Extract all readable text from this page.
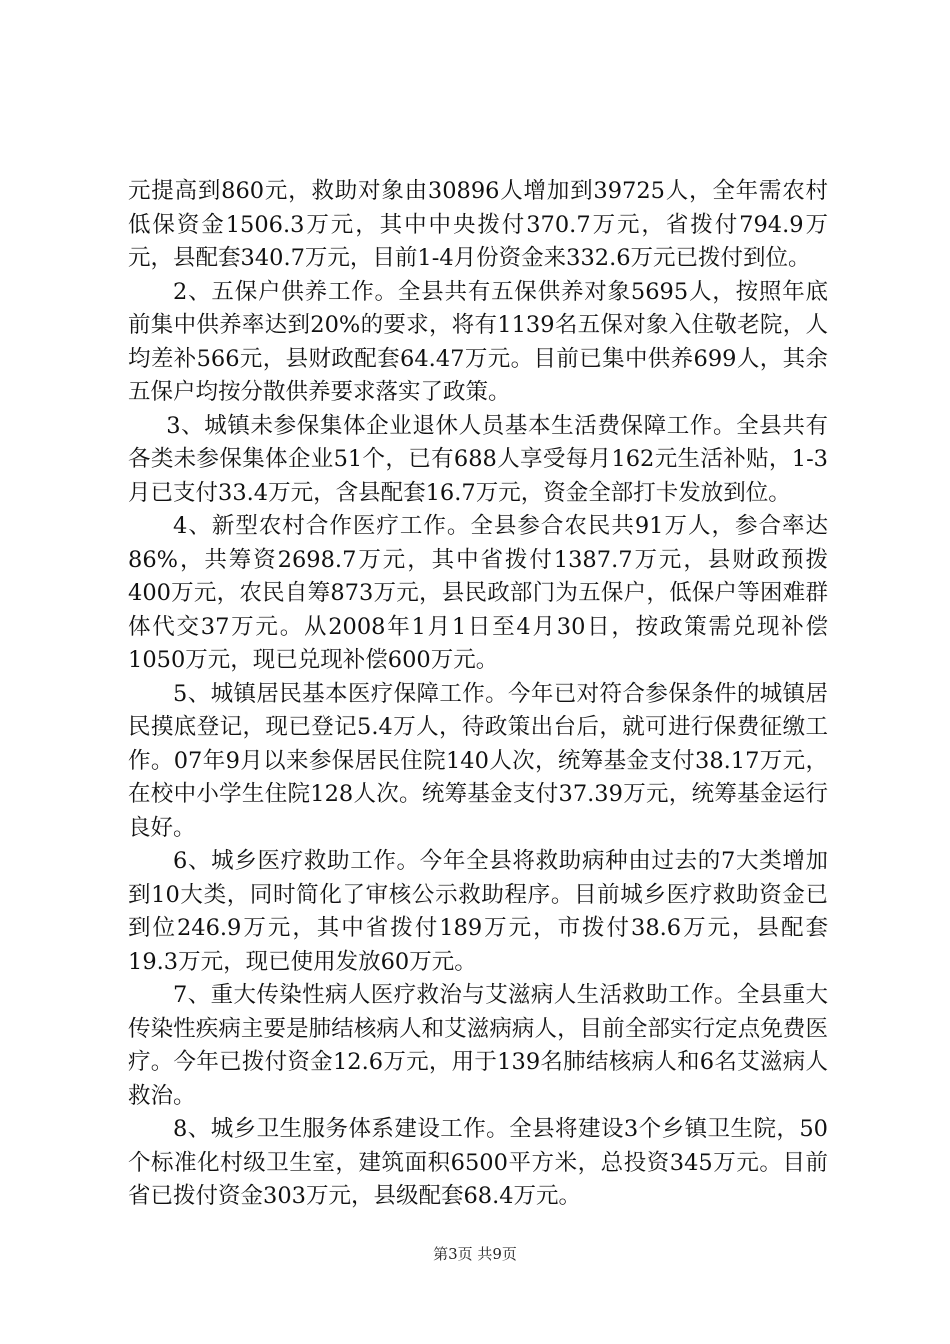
元提高到860元，救助对象由30896人增加到39725人，全年需农村低保资金1506.3万元，其中中央拨付370.7万元，省拨付794.9万元，县配套340.7万元，目前1-4月份资金来332.6万元已拨付到位。

2、五保户供养工作。全县共有五保供养对象5695人，按照年底前集中供养率达到20%的要求，将有1139名五保对象入住敬老院，人均差补566元，县财政配套64.47万元。目前已集中供养699人，其余五保户均按分散供养要求落实了政策。

3、城镇未参保集体企业退休人员基本生活费保障工作。全县共有各类未参保集体企业51个，已有688人享受每月162元生活补贴，1-3月已支付33.4万元，含县配套16.7万元，资金全部打卡发放到位。

4、新型农村合作医疗工作。全县参合农民共91万人，参合率达86%，共筹资2698.7万元，其中省拨付1387.7万元，县财政预拨400万元，农民自筹873万元，县民政部门为五保户，低保户等困难群体代交37万元。从2008年1月1日至4月30日，按政策需兑现补偿1050万元，现已兑现补偿600万元。

5、城镇居民基本医疗保障工作。今年已对符合参保条件的城镇居民摸底登记，现已登记5.4万人，待政策出台后，就可进行保费征缴工作。07年9月以来参保居民住院140人次，统筹基金支付38.17万元，在校中小学生住院128人次。统筹基金支付37.39万元，统筹基金运行良好。

6、城乡医疗救助工作。今年全县将救助病种由过去的7大类增加到10大类，同时简化了审核公示救助程序。目前城乡医疗救助资金已到位246.9万元，其中省拨付189万元，市拨付38.6万元，县配套19.3万元，现已使用发放60万元。

7、重大传染性病人医疗救治与艾滋病人生活救助工作。全县重大传染性疾病主要是肺结核病人和艾滋病病人，目前全部实行定点免费医疗。今年已拨付资金12.6万元，用于139名肺结核病人和6名艾滋病人救治。

8、城乡卫生服务体系建设工作。全县将建设3个乡镇卫生院，50个标准化村级卫生室，建筑面积6500平方米，总投资345万元。目前省已拨付资金303万元，县级配套68.4万元。

第3页 共9页
